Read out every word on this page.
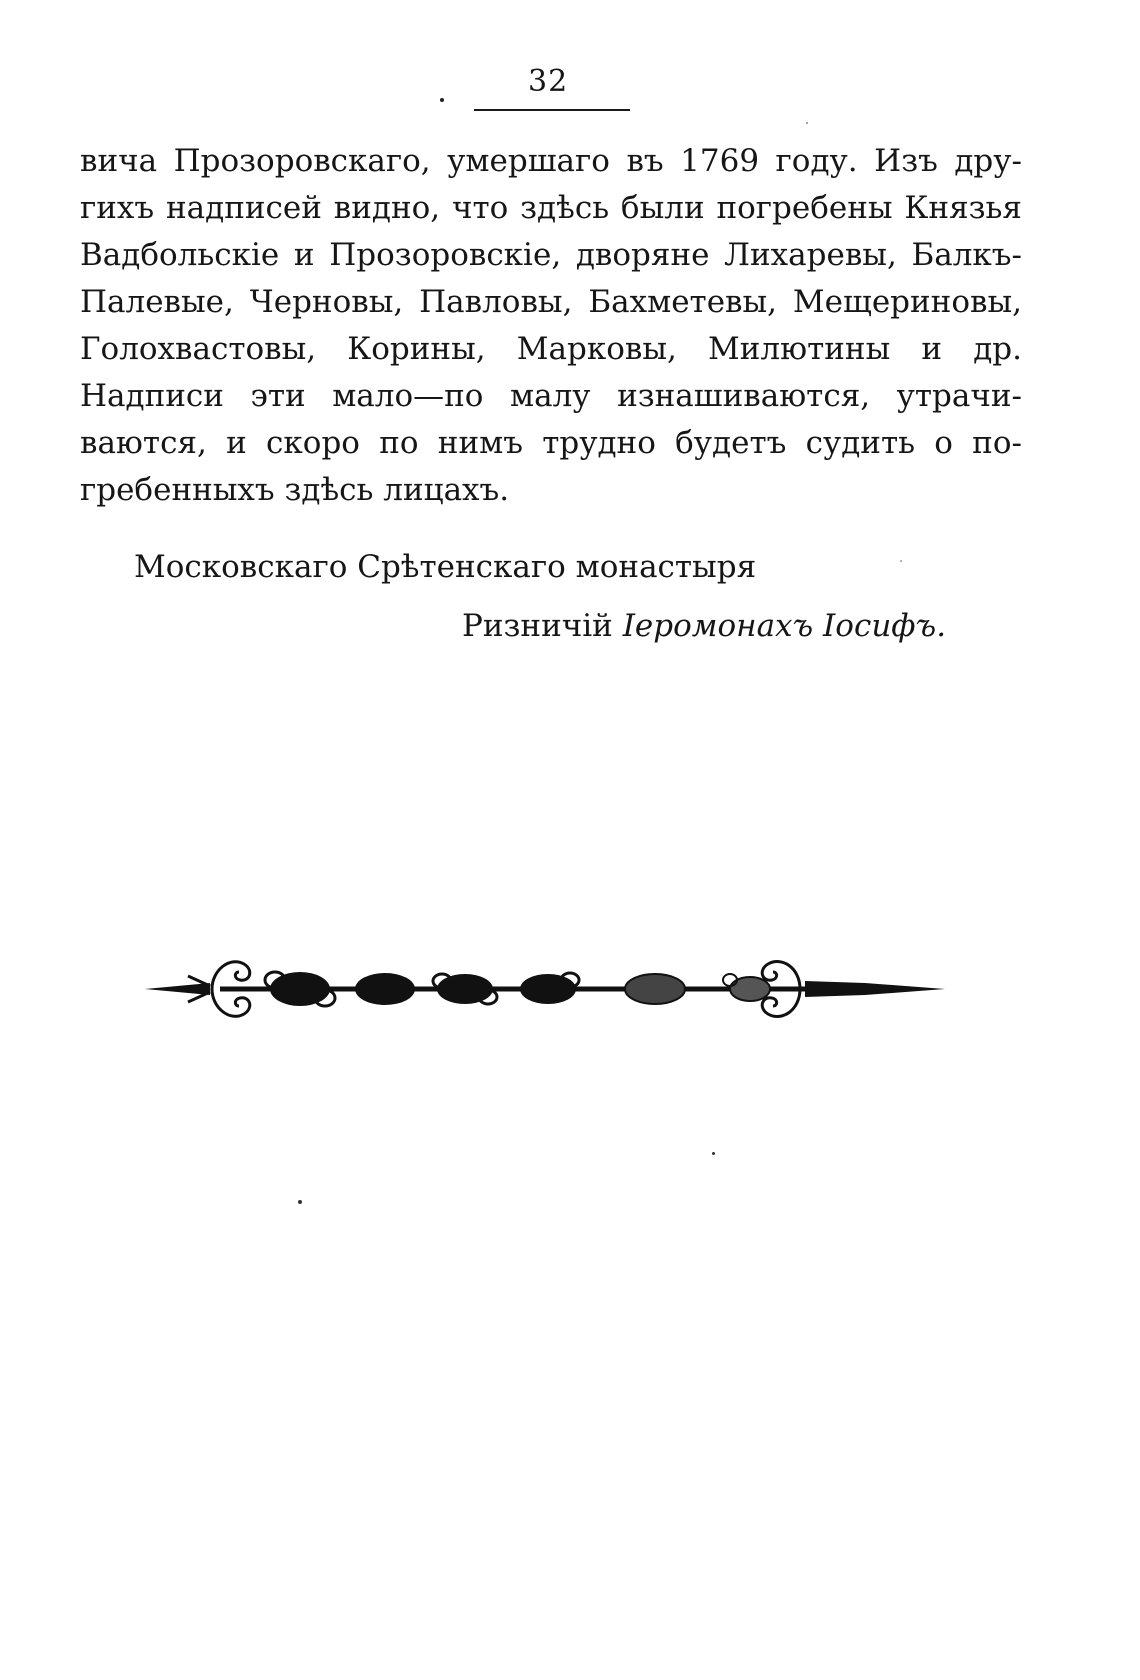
32
вича Прозоровскаго, умершаго въ 1769 году. Изъ дру-
гихъ надписей видно, что здѣсь были погребены Князья
Вадбольскіе и Прозоровскіе, дворяне Лихаревы, Балкъ-
Палевые, Черновы, Павловы, Бахметевы, Мещериновы,
Голохвастовы, Корины, Марковы, Милютины и др.
Надписи эти мало—по малу изнашиваются, утрачи-
ваются, и скоро по нимъ трудно будетъ судить о по-
гребенныхъ здѣсь лицахъ.
Московскаго Срѣтенскаго монастыря
Ризничій Іеромонахъ Іосифъ.
